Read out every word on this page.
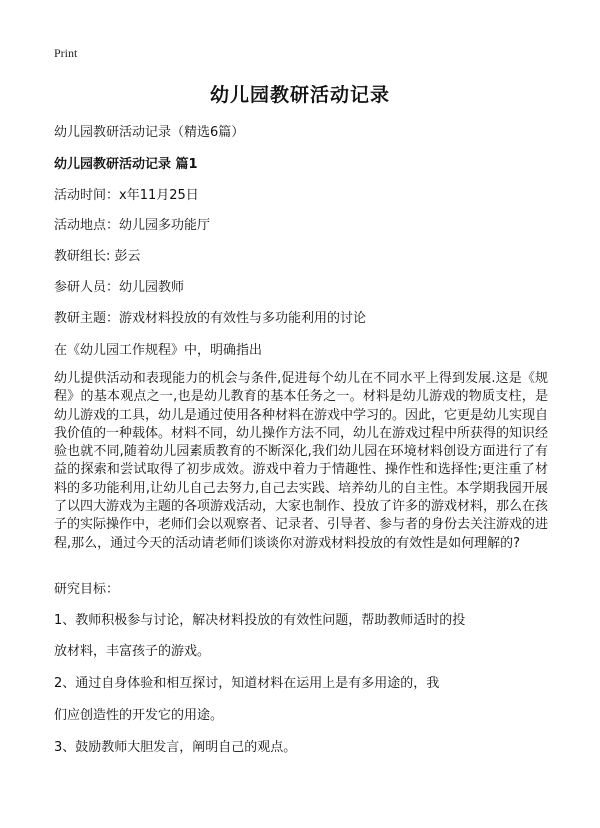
Print
幼儿园教研活动记录
幼儿园教研活动记录（精选6篇）
幼儿园教研活动记录 篇1
活动时间：x年11月25日
活动地点：幼儿园多功能厅
教研组长: 彭云
参研人员：幼儿园教师
教研主题：游戏材料投放的有效性与多功能利用的讨论
在《幼儿园工作规程》中，明确指出
幼儿提供活动和表现能力的机会与条件,促进每个幼儿在不同水平上得到发展.这是《规程》的基本观点之一,也是幼儿教育的基本任务之一。材料是幼儿游戏的物质支柱，是幼儿游戏的工具，幼儿是通过使用各种材料在游戏中学习的。因此，它更是幼儿实现自我价值的一种载体。材料不同，幼儿操作方法不同，幼儿在游戏过程中所获得的知识经验也就不同,随着幼儿园素质教育的不断深化,我们幼儿园在环境材料创设方面进行了有益的探索和尝试取得了初步成效。游戏中着力于情趣性、操作性和选择性;更注重了材料的多功能利用,让幼儿自己去努力,自己去实践、培养幼儿的自主性。本学期我园开展了以四大游戏为主题的各项游戏活动，大家也制作、投放了许多的游戏材料，那么在孩子的实际操作中，老师们会以观察者、记录者、引导者、参与者的身份去关注游戏的进程,那么，通过今天的活动请老师们谈谈你对游戏材料投放的有效性是如何理解的?
研究目标：
1、教师积极参与讨论，解决材料投放的有效性问题，帮助教师适时的投
放材料，丰富孩子的游戏。
2、通过自身体验和相互探讨，知道材料在运用上是有多用途的，我
们应创造性的开发它的用途。
3、鼓励教师大胆发言，阐明自己的观点。
